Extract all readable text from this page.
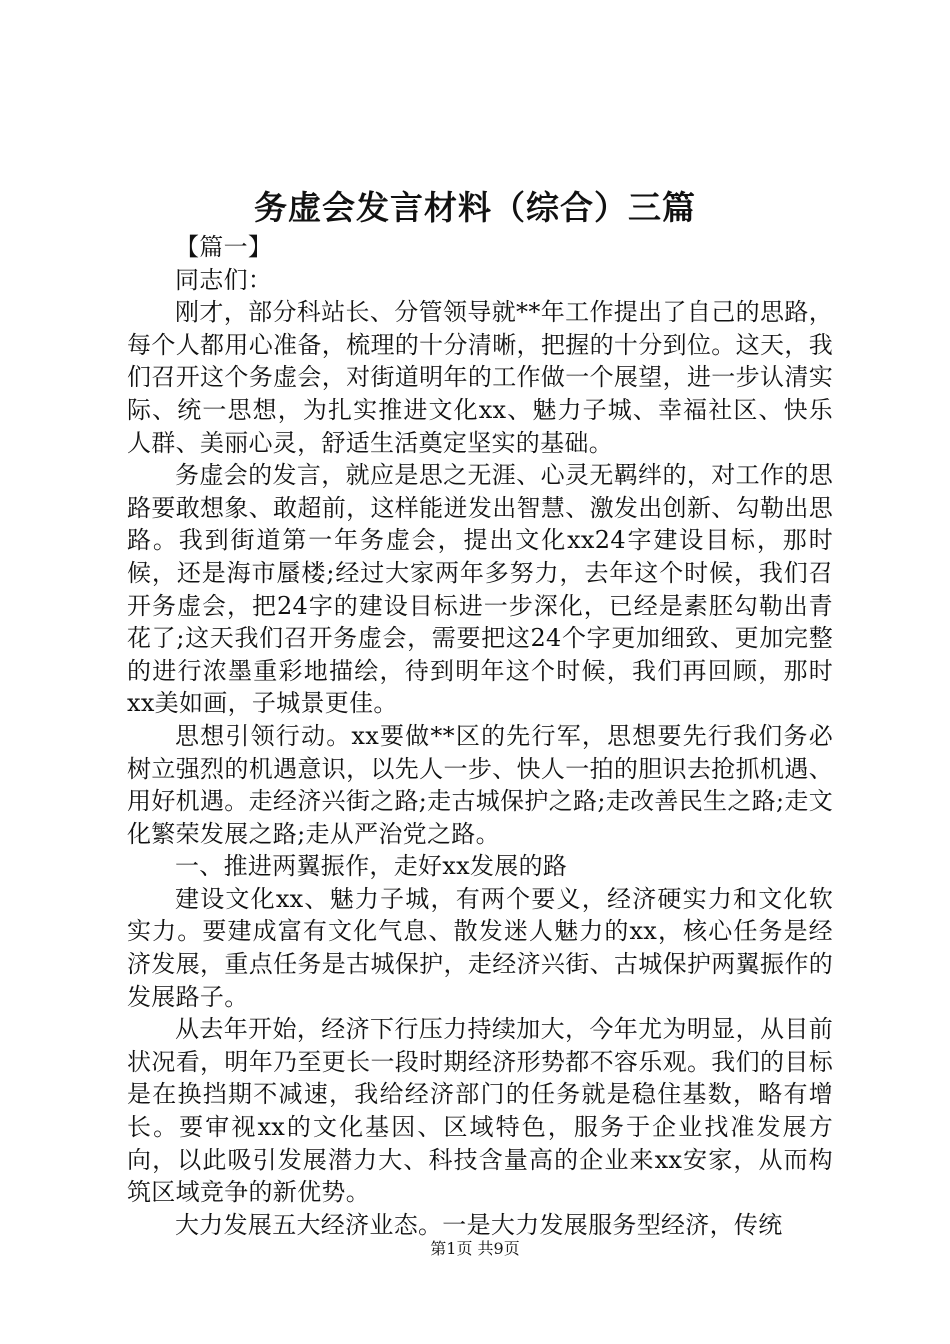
务虚会发言材料（综合）三篇

【篇一】

同志们：

刚才，部分科站长、分管领导就**年工作提出了自己的思路，每个人都用心准备，梳理的十分清晰，把握的十分到位。这天，我们召开这个务虚会，对街道明年的工作做一个展望，进一步认清实际、统一思想，为扎实推进文化xx、魅力子城、幸福社区、快乐人群、美丽心灵，舒适生活奠定坚实的基础。

务虚会的发言，就应是思之无涯、心灵无羁绊的，对工作的思路要敢想象、敢超前，这样能迸发出智慧、激发出创新、勾勒出思路。我到街道第一年务虚会，提出文化xx24字建设目标，那时候，还是海市蜃楼;经过大家两年多努力，去年这个时候，我们召开务虚会，把24字的建设目标进一步深化，已经是素胚勾勒出青花了;这天我们召开务虚会，需要把这24个字更加细致、更加完整的进行浓墨重彩地描绘，待到明年这个时候，我们再回顾，那时xx美如画，子城景更佳。

思想引领行动。xx要做**区的先行军，思想要先行我们务必树立强烈的机遇意识，以先人一步、快人一拍的胆识去抢抓机遇、用好机遇。走经济兴街之路;走古城保护之路;走改善民生之路;走文化繁荣发展之路;走从严治党之路。

一、推进两翼振作，走好xx发展的路

建设文化xx、魅力子城，有两个要义，经济硬实力和文化软实力。要建成富有文化气息、散发迷人魅力的xx，核心任务是经济发展，重点任务是古城保护，走经济兴街、古城保护两翼振作的发展路子。

从去年开始，经济下行压力持续加大，今年尤为明显，从目前状况看，明年乃至更长一段时期经济形势都不容乐观。我们的目标是在换挡期不减速，我给经济部门的任务就是稳住基数，略有增长。要审视xx的文化基因、区域特色，服务于企业找准发展方向，以此吸引发展潜力大、科技含量高的企业来xx安家，从而构筑区域竞争的新优势。

大力发展五大经济业态。一是大力发展服务型经济，传统

第1页 共9页
